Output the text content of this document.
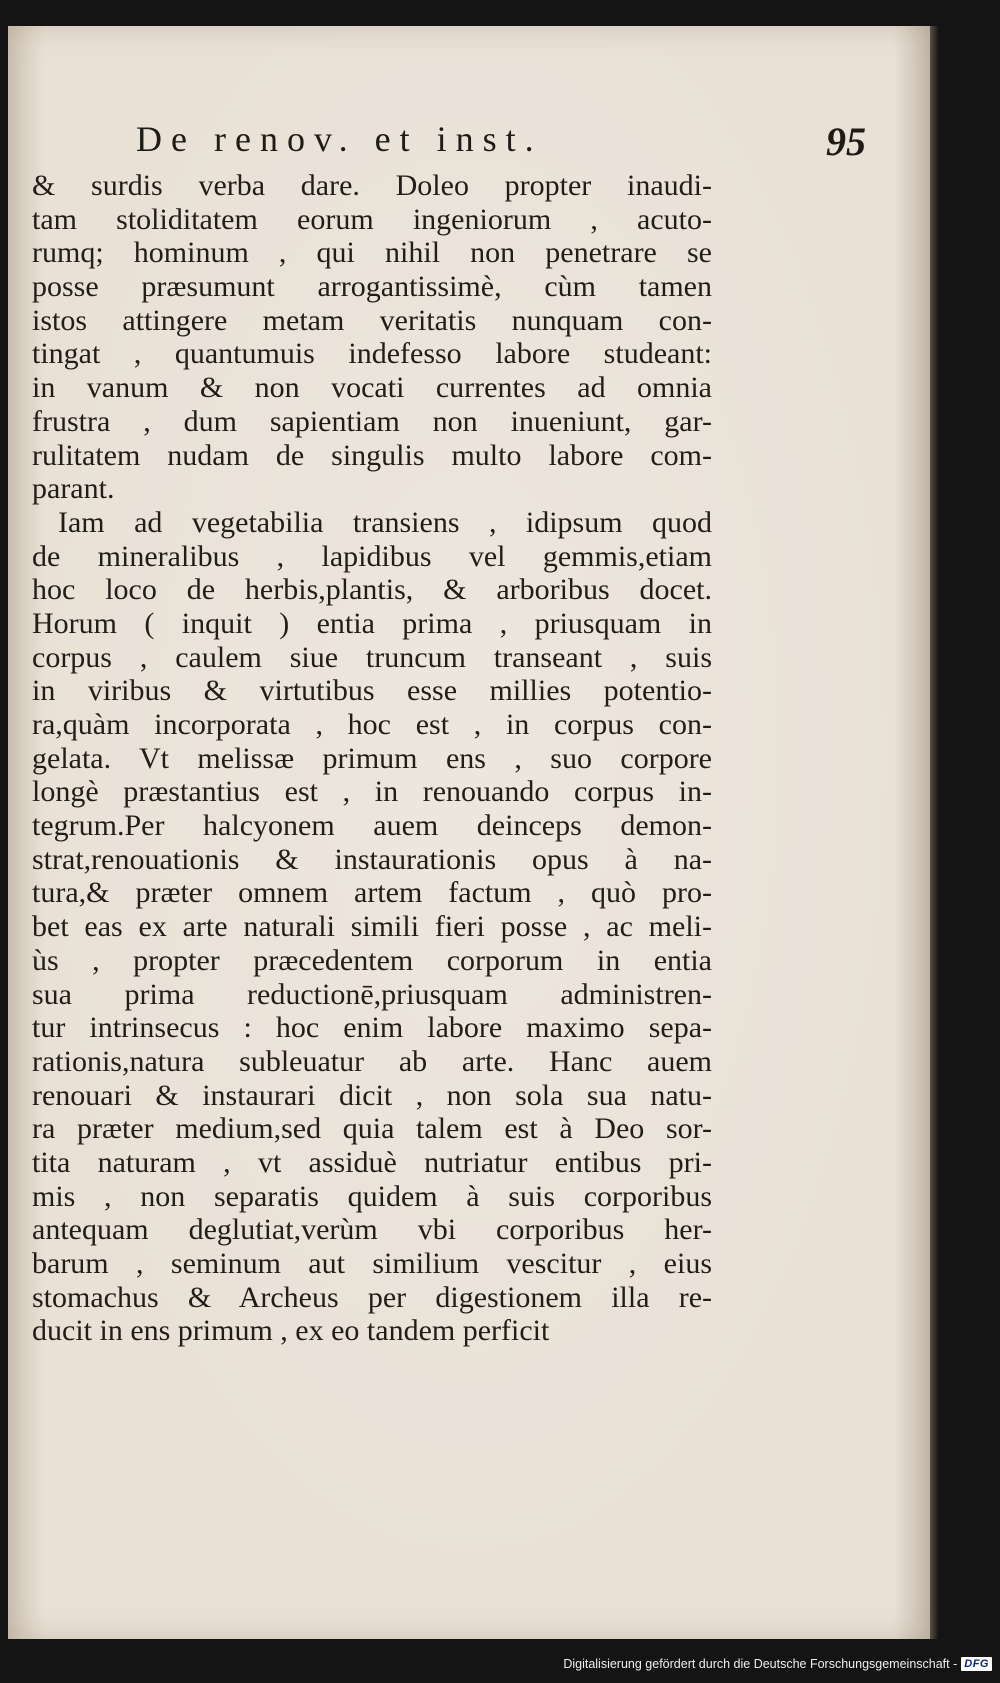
De renov. et inst.	95
& surdis verba dare. Doleo propter inaudi-
tam stoliditatem eorum ingeniorum , acuto-
rumq; hominum , qui nihil non penetrare se
posse præsumunt arrogantissimè, cùm tamen
istos attingere metam veritatis nunquam con-
tingat , quantumuis indefesso labore studeant:
in vanum & non vocati currentes ad omnia
frustra , dum sapientiam non inueniunt, gar-
rulitatem nudam de singulis multo labore com-
parant.
Iam ad vegetabilia transiens , idipsum quod
de mineralibus , lapidibus vel gemmis,etiam
hoc loco de herbis,plantis, & arboribus docet.
Horum ( inquit ) entia prima , priusquam in
corpus , caulem siue truncum transeant , suis
in viribus & virtutibus esse millies potentio-
ra,quàm incorporata , hoc est , in corpus con-
gelata. Vt melissæ primum ens , suo corpore
longè præstantius est , in renouando corpus in-
tegrum.Per halcyonem auem deinceps demon-
strat,renouationis & instaurationis opus à na-
tura,& præter omnem artem factum , quò pro-
bet eas ex arte naturali simili fieri posse , ac meli-
ùs , propter præcedentem corporum in entia
sua prima reductionē,priusquam administren-
tur intrinsecus : hoc enim labore maximo sepa-
rationis,natura subleuatur ab arte. Hanc auem
renouari & instaurari dicit , non sola sua natu-
ra præter medium,sed quia talem est à Deo sor-
tita naturam , vt assiduè nutriatur entibus pri-
mis , non separatis quidem à suis corporibus
antequam deglutiat,verùm vbi corporibus her-
barum , seminum aut similium vescitur , eius
stomachus & Archeus per digestionem illa re-
ducit in ens primum , ex eo tandem perficit
Digitalisierung gefördert durch die Deutsche Forschungsgemeinschaft - DFG
